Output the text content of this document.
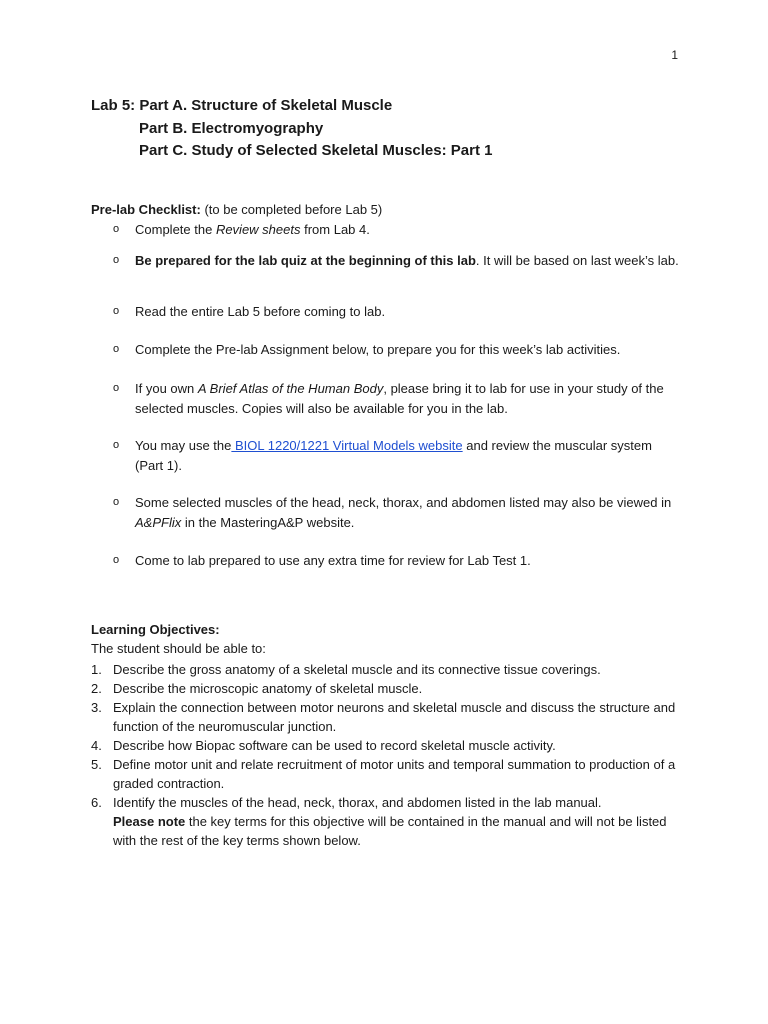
1
Lab 5: Part A. Structure of Skeletal Muscle
Part B. Electromyography
Part C. Study of Selected Skeletal Muscles: Part 1
Pre-lab Checklist: (to be completed before Lab 5)
o Complete the Review sheets from Lab 4.
o Be prepared for the lab quiz at the beginning of this lab. It will be based on last week’s lab.
o Read the entire Lab 5 before coming to lab.
o Complete the Pre-lab Assignment below, to prepare you for this week’s lab activities.
o If you own A Brief Atlas of the Human Body, please bring it to lab for use in your study of the selected muscles. Copies will also be available for you in the lab.
o You may use the BIOL 1220/1221 Virtual Models website and review the muscular system (Part 1).
o Some selected muscles of the head, neck, thorax, and abdomen listed may also be viewed in A&PFlix in the MasteringA&P website.
o Come to lab prepared to use any extra time for review for Lab Test 1.
Learning Objectives:
The student should be able to:
1. Describe the gross anatomy of a skeletal muscle and its connective tissue coverings.
2. Describe the microscopic anatomy of skeletal muscle.
3. Explain the connection between motor neurons and skeletal muscle and discuss the structure and function of the neuromuscular junction.
4. Describe how Biopac software can be used to record skeletal muscle activity.
5. Define motor unit and relate recruitment of motor units and temporal summation to production of a graded contraction.
6. Identify the muscles of the head, neck, thorax, and abdomen listed in the lab manual.
Please note the key terms for this objective will be contained in the manual and will not be listed with the rest of the key terms shown below.
